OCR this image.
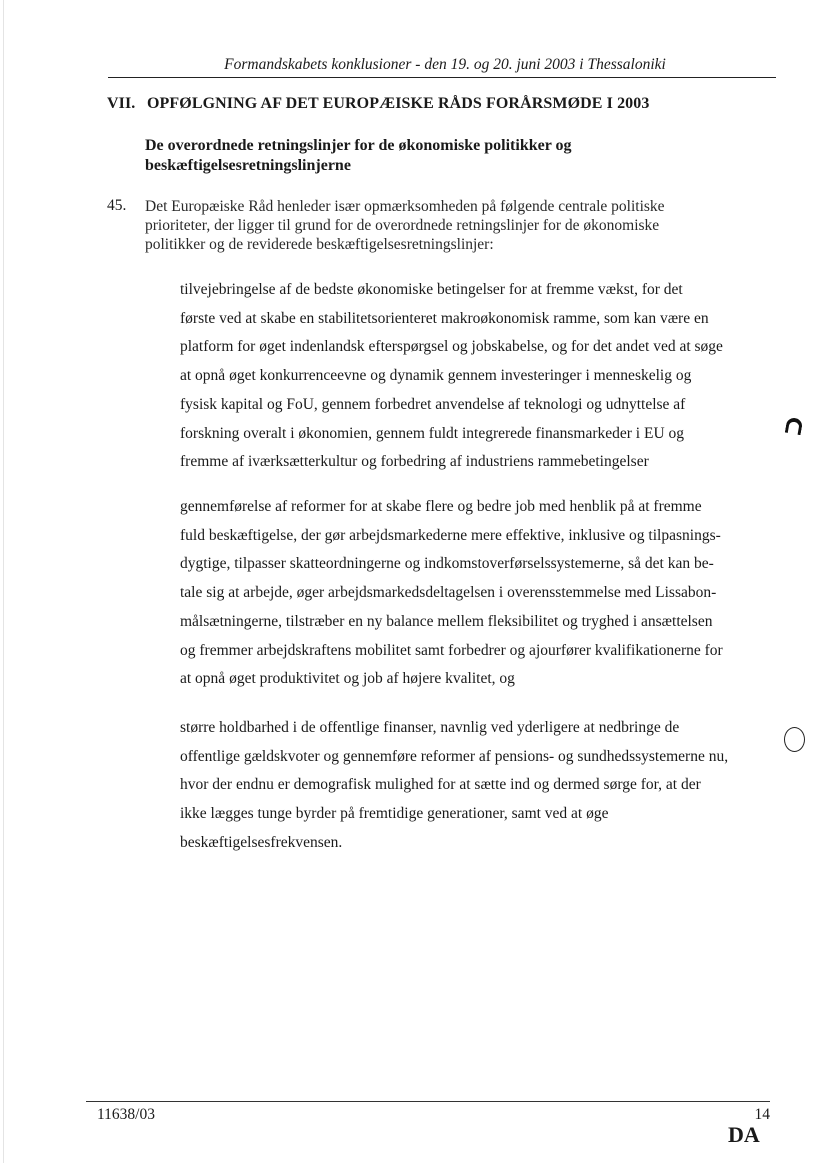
Formandskabets konklusioner - den 19. og 20. juni 2003 i Thessaloniki
VII. OPFØLGNING AF DET EUROPÆISKE RÅDS FORÅRSMØDE I 2003
De overordnede retningslinjer for de økonomiske politikker og
beskæftigelsesretningslinjerne
45. Det Europæiske Råd henleder især opmærksomheden på følgende centrale politiske
prioriteter, der ligger til grund for de overordnede retningslinjer for de økonomiske
politikker og de reviderede beskæftigelsesretningslinjer:
tilvejebringelse af de bedste økonomiske betingelser for at fremme vækst, for det
første ved at skabe en stabilitetsorienteret makroøkonomisk ramme, som kan være en
platform for øget indenlandsk efterspørgsel og jobskabelse, og for det andet ved at søge
at opnå øget konkurrenceevne og dynamik gennem investeringer i menneskelig og
fysisk kapital og FoU, gennem forbedret anvendelse af teknologi og udnyttelse af
forskning overalt i økonomien, gennem fuldt integrerede finansmarkeder i EU og
fremme af iværksætterkultur og forbedring af industriens rammebetingelser
gennemførelse af reformer for at skabe flere og bedre job med henblik på at fremme
fuld beskæftigelse, der gør arbejdsmarkederne mere effektive, inklusive og tilpasnings-
dygtige, tilpasser skatteordningerne og indkomstoverførselssystemerne, så det kan be-
tale sig at arbejde, øger arbejdsmarkedsdeltagelsen i overensstemmelse med Lissabon-
målsætningerne, tilstræber en ny balance mellem fleksibilitet og tryghed i ansættelsen
og fremmer arbejdskraftens mobilitet samt forbedrer og ajourfører kvalifikationerne for
at opnå øget produktivitet og job af højere kvalitet, og
større holdbarhed i de offentlige finanser, navnlig ved yderligere at nedbringe de
offentlige gældskvoter og gennemføre reformer af pensions- og sundhedssystemerne nu,
hvor der endnu er demografisk mulighed for at sætte ind og dermed sørge for, at der
ikke lægges tunge byrder på fremtidige generationer, samt ved at øge
beskæftigelsesfrekvensen.
11638/03	14
DA
